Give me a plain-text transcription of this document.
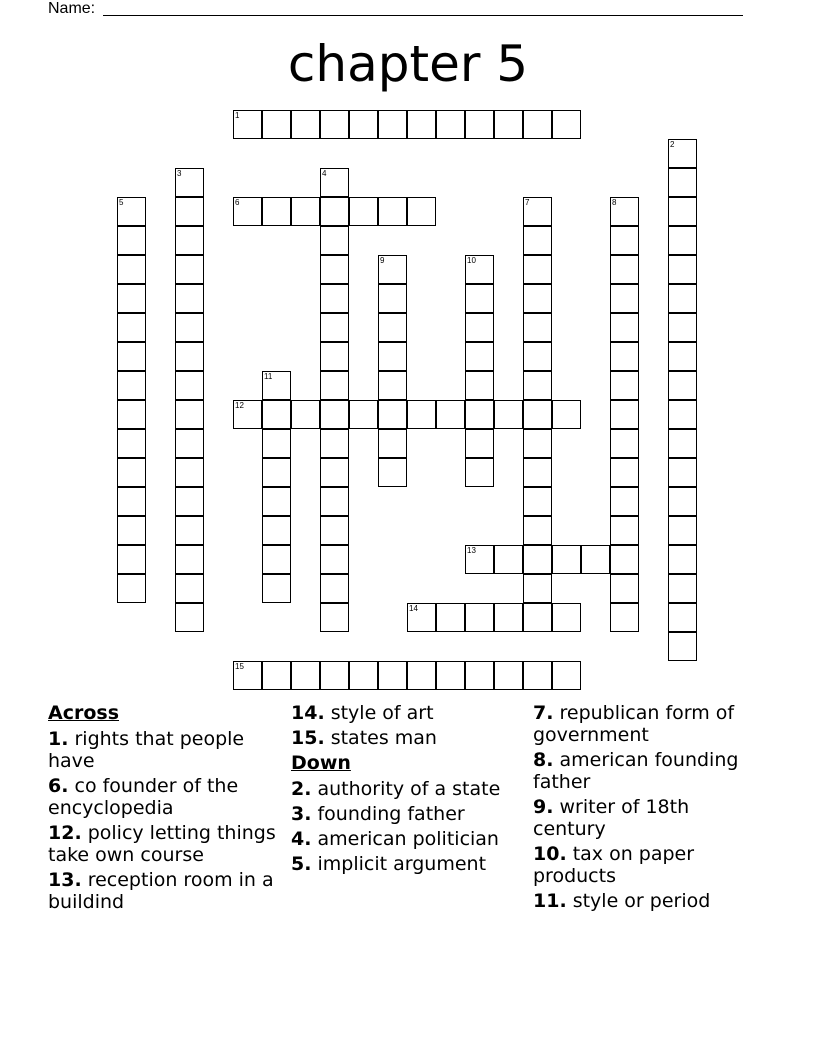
Name:
chapter 5
1
2
3	4
5	6	7	8
9	10
11
12
13
14
15
Across
1. rights that people have
6. co founder of the encyclopedia
12. policy letting things take own course
13. reception room in a buildind
14. style of art
15. states man
Down
2. authority of a state
3. founding father
4. american politician
5. implicit argument
7. republican form of government
8. american founding father
9. writer of 18th century
10. tax on paper products
11. style or period
